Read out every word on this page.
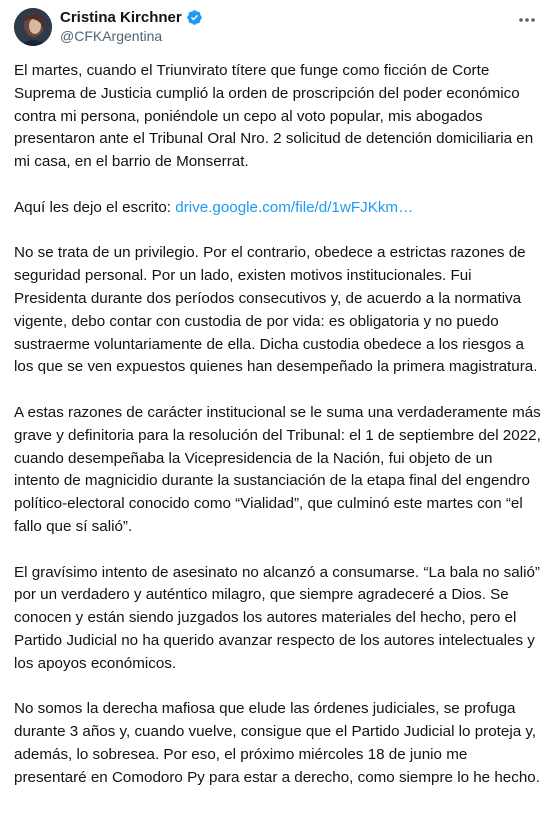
Cristina Kirchner
@CFKArgentina

El martes, cuando el Triunvirato títere que funge como ficción de Corte Suprema de Justicia cumplió la orden de proscripción del poder económico contra mi persona, poniéndole un cepo al voto popular, mis abogados presentaron ante el Tribunal Oral Nro. 2 solicitud de detención domiciliaria en mi casa, en el barrio de Monserrat.

Aquí les dejo el escrito: drive.google.com/file/d/1wFJKkm…

No se trata de un privilegio. Por el contrario, obedece a estrictas razones de seguridad personal. Por un lado, existen motivos institucionales. Fui Presidenta durante dos períodos consecutivos y, de acuerdo a la normativa vigente, debo contar con custodia de por vida: es obligatoria y no puedo sustraerme voluntariamente de ella. Dicha custodia obedece a los riesgos a los que se ven expuestos quienes han desempeñado la primera magistratura.

A estas razones de carácter institucional se le suma una verdaderamente más grave y definitoria para la resolución del Tribunal: el 1 de septiembre del 2022, cuando desempeñaba la Vicepresidencia de la Nación, fui objeto de un intento de magnicidio durante la sustanciación de la etapa final del engendro político-electoral conocido como “Vialidad”, que culminó este martes con “el fallo que sí salió”.

El gravísimo intento de asesinato no alcanzó a consumarse. “La bala no salió” por un verdadero y auténtico milagro, que siempre agradeceré a Dios. Se conocen y están siendo juzgados los autores materiales del hecho, pero el Partido Judicial no ha querido avanzar respecto de los autores intelectuales y los apoyos económicos.

No somos la derecha mafiosa que elude las órdenes judiciales, se profuga durante 3 años y, cuando vuelve, consigue que el Partido Judicial lo proteja y, además, lo sobresea. Por eso, el próximo miércoles 18 de junio me presentaré en Comodoro Py para estar a derecho, como siempre lo he hecho.
